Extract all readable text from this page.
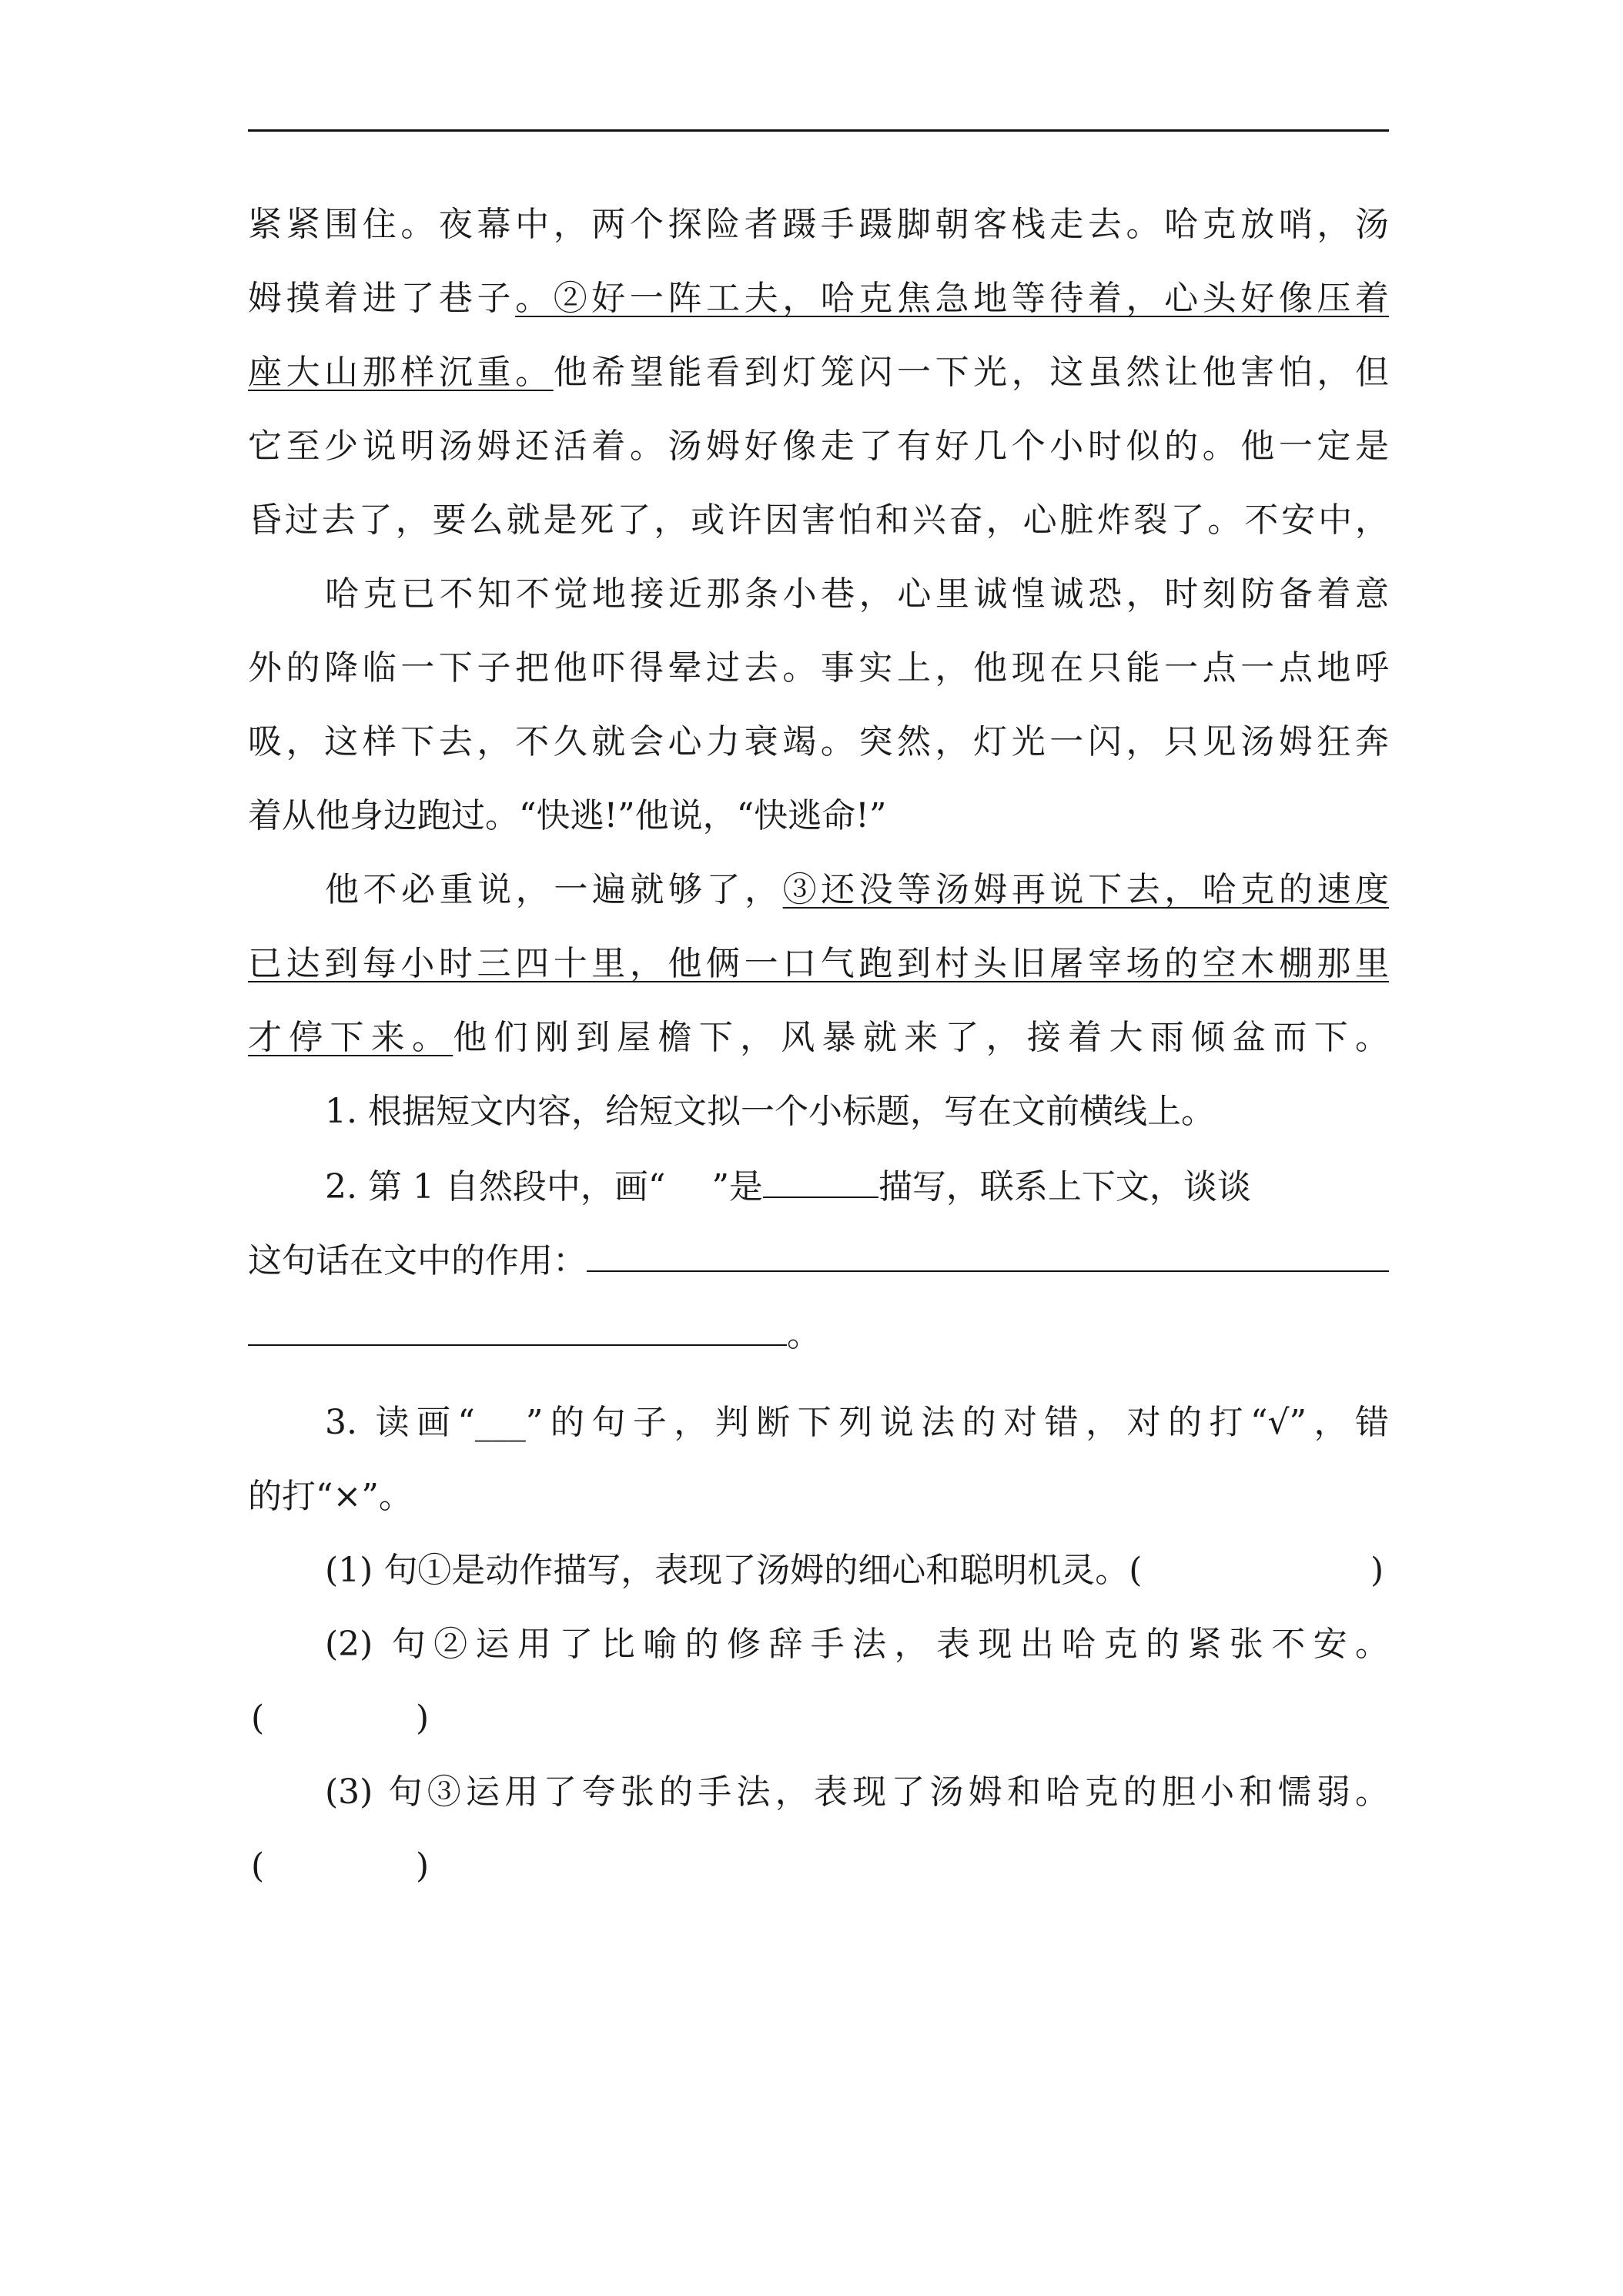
紧紧围住。夜幕中，两个探险者蹑手蹑脚朝客栈走去。哈克放哨，汤
姆摸着进了巷子。②好一阵工夫，哈克焦急地等待着，心头好像压着
座大山那样沉重。他希望能看到灯笼闪一下光，这虽然让他害怕，但
它至少说明汤姆还活着。汤姆好像走了有好几个小时似的。他一定是
昏过去了，要么就是死了，或许因害怕和兴奋，心脏炸裂了。不安中，
哈克已不知不觉地接近那条小巷，心里诚惶诚恐，时刻防备着意
外的降临一下子把他吓得晕过去。事实上，他现在只能一点一点地呼
吸，这样下去，不久就会心力衰竭。突然，灯光一闪，只见汤姆狂奔
着从他身边跑过。“快逃!”他说，“快逃命!”
他不必重说，一遍就够了，③还没等汤姆再说下去，哈克的速度
已达到每小时三四十里，他俩一口气跑到村头旧屠宰场的空木棚那里
才停下来。他们刚到屋檐下，风暴就来了，接着大雨倾盆而下。
1. 根据短文内容，给短文拟一个小标题，写在文前横线上。
2. 第 1 自然段中，画“ ”是	描写，联系上下文，谈谈
这句话在文中的作用：
。
3. 读画“___”的句子，判断下列说法的对错，对的打“√”，错
的打“×”。
(1) 句①是动作描写，表现了汤姆的细心和聪明机灵。(	)
(2) 句②运用了比喻的修辞手法，表现出哈克的紧张不安。
(	)
(3) 句③运用了夸张的手法，表现了汤姆和哈克的胆小和懦弱。
(	)
